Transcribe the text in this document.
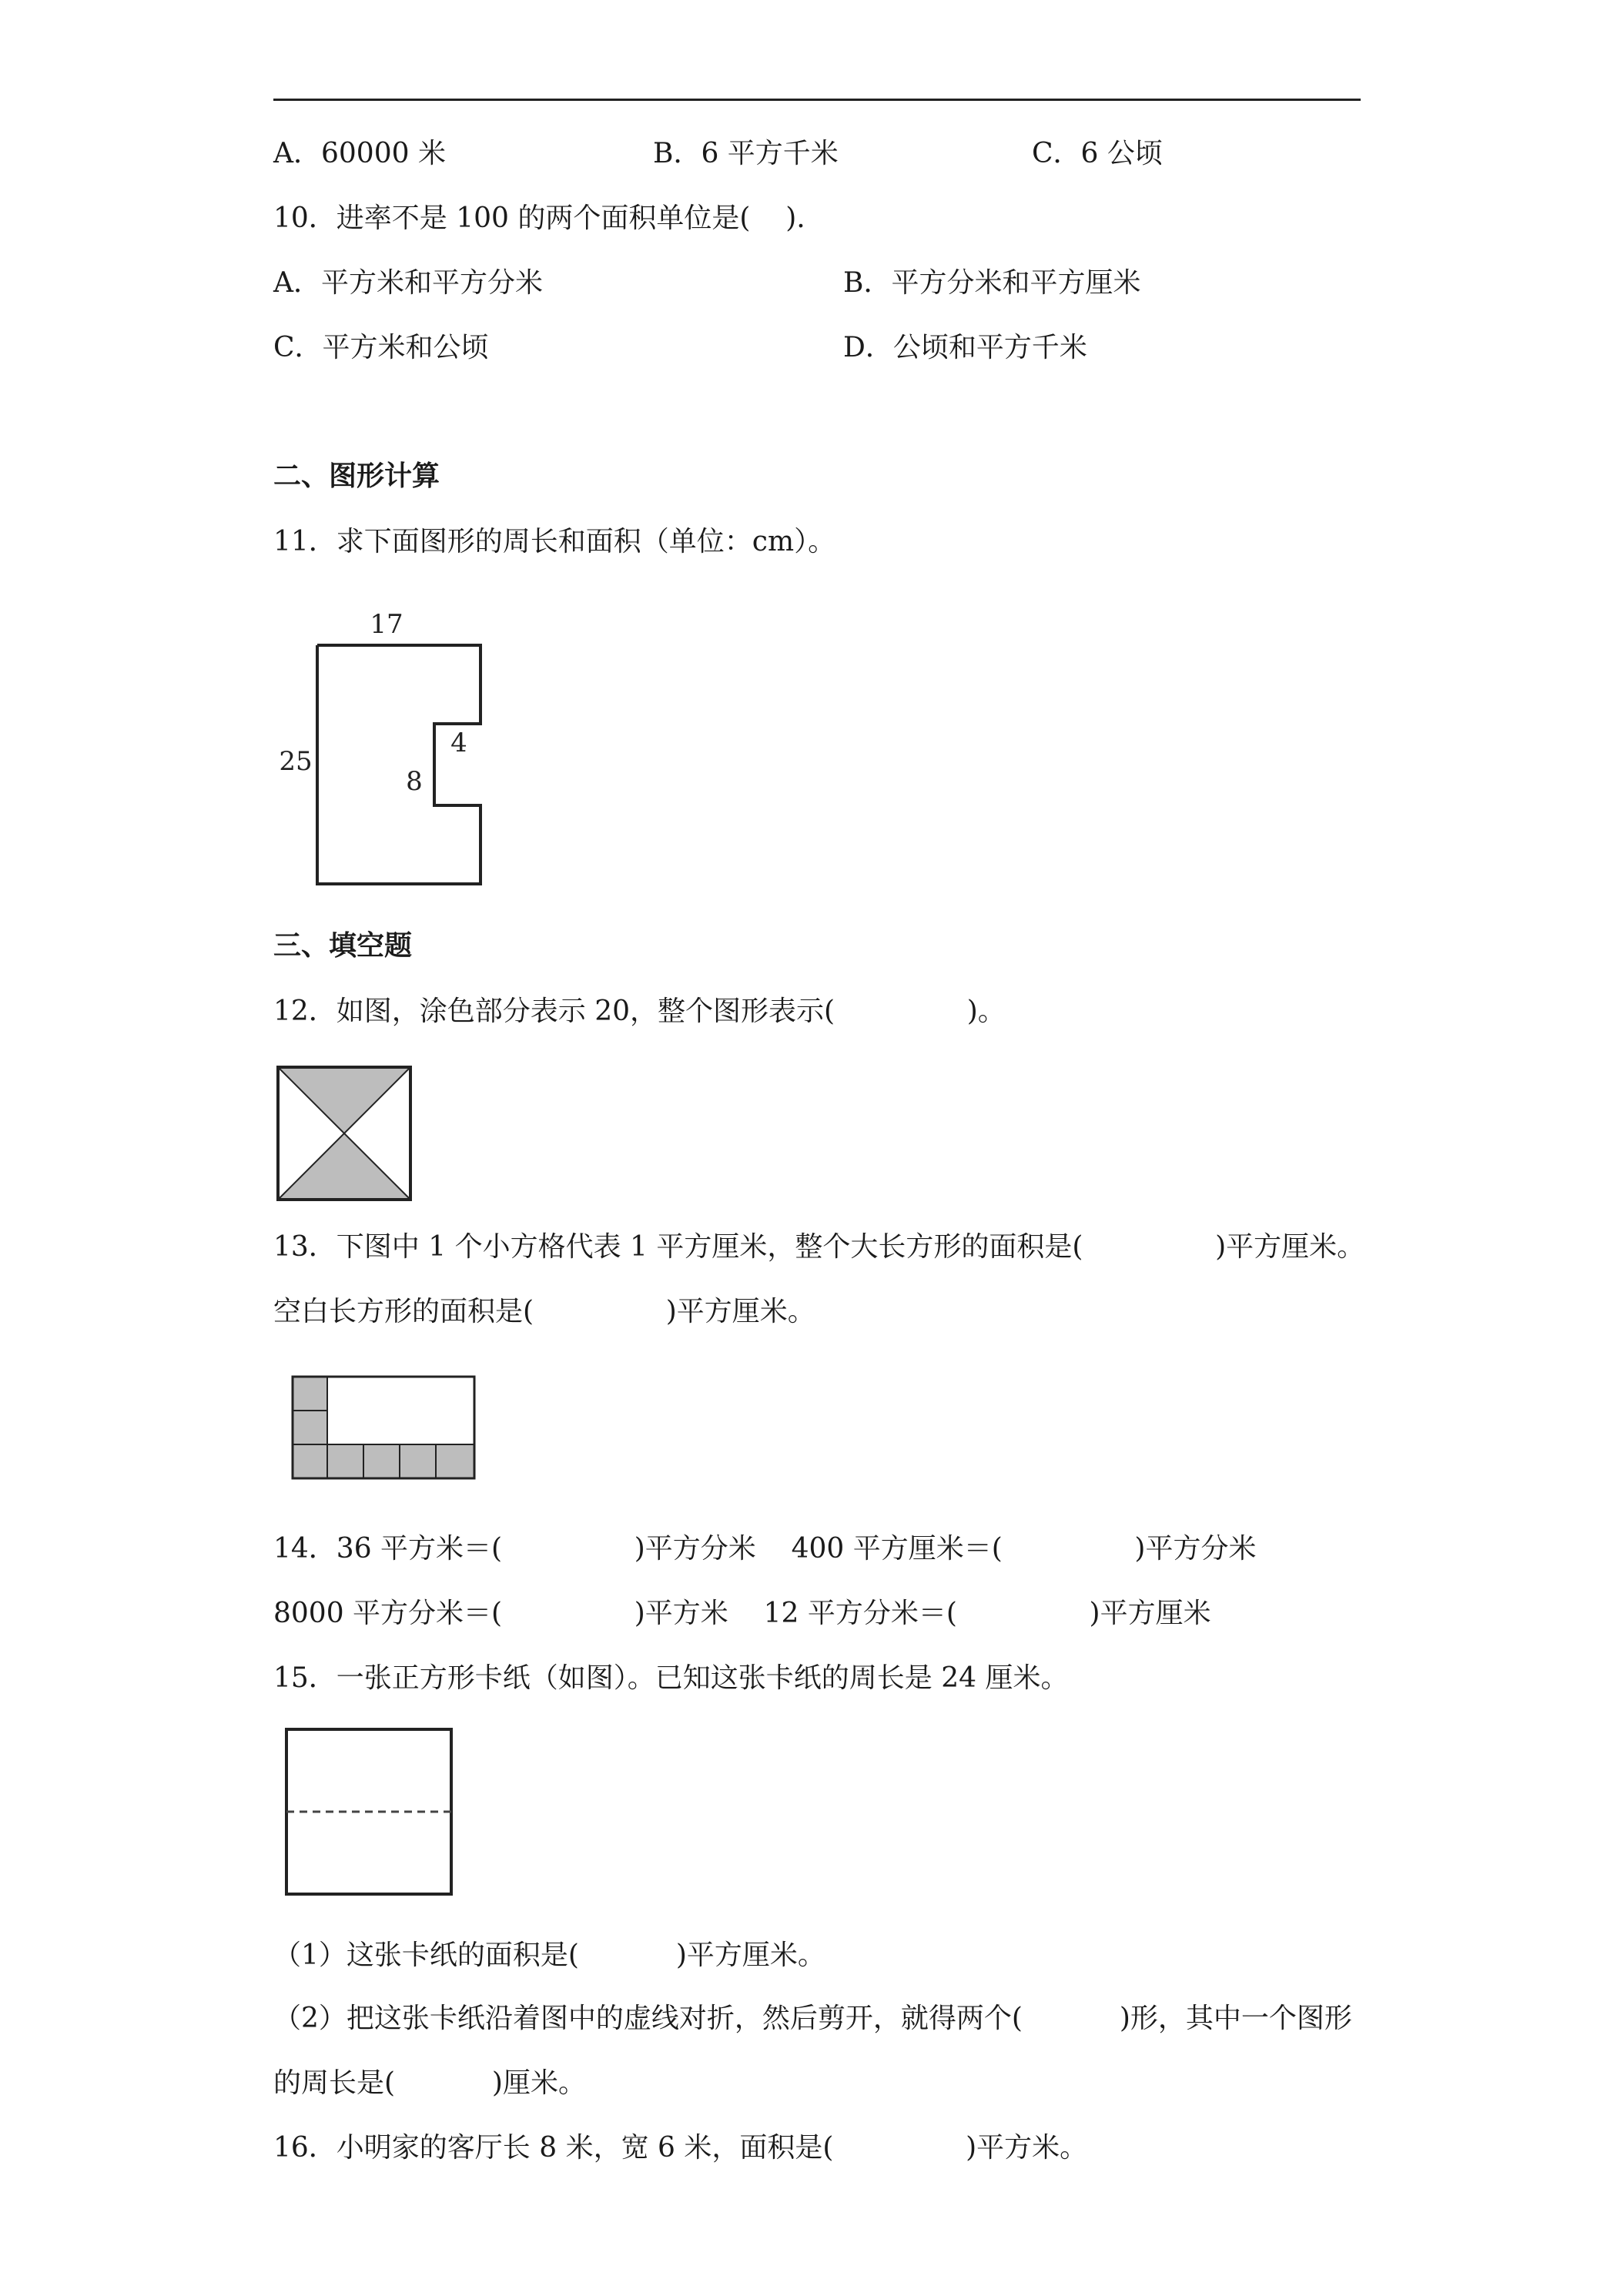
A．60000 米	B．6 平方千米	C．6 公顷
10．进率不是 100 的两个面积单位是(    ).
A．平方米和平方分米	B．平方分米和平方厘米
C．平方米和公顷	D．公顷和平方千米
二、图形计算
11．求下面图形的周长和面积（单位：cm）。
17
25
4
8
三、填空题
12．如图，涂色部分表示 20，整个图形表示(               )。
13．下图中 1 个小方格代表 1 平方厘米，整个大长方形的面积是(               )平方厘米。
空白长方形的面积是(               )平方厘米。
14．36 平方米＝(               )平方分米    400 平方厘米＝(               )平方分米
8000 平方分米＝(               )平方米    12 平方分米＝(               )平方厘米
15．一张正方形卡纸（如图）。已知这张卡纸的周长是 24 厘米。
（1）这张卡纸的面积是(           )平方厘米。
（2）把这张卡纸沿着图中的虚线对折，然后剪开，就得两个(           )形，其中一个图形
的周长是(           )厘米。
16．小明家的客厅长 8 米，宽 6 米，面积是(               )平方米。
